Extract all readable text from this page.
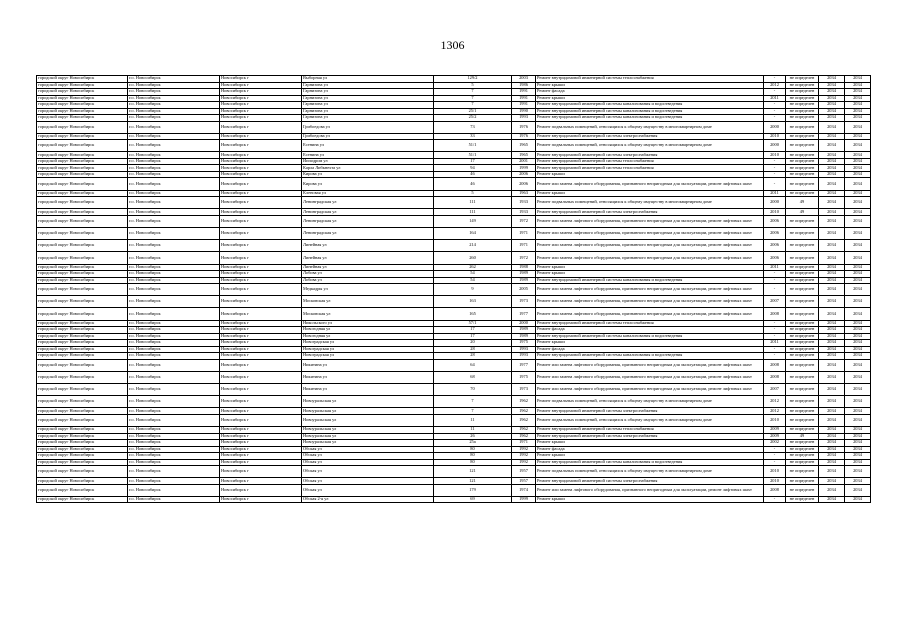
1306
городской округ Новосибирск	г.о. Новосибирск	Новосибирск г	Выборная ул	129/2	2003	Ремонт внутридомовой инженерной системы теплоснабжения	-	не определен	2034	2034
городской округ Новосибирск	г.о. Новосибирск	Новосибирск г	Гарнизона ул	5	1986	Ремонт крыши	2012	не определен	2034	2034
городской округ Новосибирск	г.о. Новосибирск	Новосибирск г	Гарнизона ул	7	1991	Ремонт фасада	-	не определен	2034	2034
городской округ Новосибирск	г.о. Новосибирск	Новосибирск г	Гарнизона ул	7	1991	Ремонт крыши	2011	не определен	2034	2034
городской округ Новосибирск	г.о. Новосибирск	Новосибирск г	Гарнизона ул	7	1991	Ремонт внутридомовой инженерной системы канализования и водоотведения	-	не определен	2034	2034
городской округ Новосибирск	г.о. Новосибирск	Новосибирск г	Гарнизона ул	25/1	1990	Ремонт внутридомовой инженерной системы канализования и водоотведения	-	не определен	2034	2034
городской округ Новосибирск	г.о. Новосибирск	Новосибирск г	Гарнизона ул	25/2	1993	Ремонт внутридомовой инженерной системы канализования и водоотведения	-	не определен	2034	2034
городской округ Новосибирск	г.о. Новосибирск	Новосибирск г	Грибоедова ул	73	1976	Ремонт подвальных помещений, относящихся к общему имуществу в многоквартирном доме	2000	не определен	2034	2034
городской округ Новосибирск	г.о. Новосибирск	Новосибирск г	Грибоедова ул	33	1976	Ремонт внутридомовой инженерной системы электроснабжения	2010	не определен	2034	2034
городской округ Новосибирск	г.о. Новосибирск	Новосибирск г	Есенина ул	51/1	1965	Ремонт подвальных помещений, относящихся к общему имуществу в многоквартирном доме	2000	не определен	2034	2034
городской округ Новосибирск	г.о. Новосибирск	Новосибирск г	Есенина ул	51/1	1965	Ремонт внутридомовой инженерной системы электроснабжения	2010	не определен	2034	2034
городской округ Новосибирск	г.о. Новосибирск	Новосибирск г	Ипподром ул	17	2001	Ремонт внутридомовой инженерной системы теплоснабжения	-	не определен	2034	2034
городской округ Новосибирск	г.о. Новосибирск	Новосибирск г	Карла Либкнехта ул	94	1999	Ремонт внутридомовой инженерной системы теплоснабжения	-	не определен	2034	2034
городской округ Новосибирск	г.о. Новосибирск	Новосибирск г	Кирова ул	46	2006	Ремонт крыши	-	не определен	2034	2034
городской округ Новосибирск	г.о. Новосибирск	Новосибирск г	Кирова ул	46	2006	Ремонт или замена лифтового оборудования, признанного непригодным для эксплуатации, ремонт лифтовых шахт	-	не определен	2034	2034
городской округ Новосибирск	г.о. Новосибирск	Новосибирск г	Кленовая ул	5	1963	Ремонт крыши	2011	не определен	2034	2034
городской округ Новосибирск	г.о. Новосибирск	Новосибирск г	Ленинградская ул	111	1933	Ремонт подвальных помещений, относящихся к общему имуществу в многоквартирном доме	2000	49	2034	2034
городской округ Новосибирск	г.о. Новосибирск	Новосибирск г	Ленинградская ул	111	1933	Ремонт внутридомовой инженерной системы электроснабжения	2010	49	2034	2034
городской округ Новосибирск	г.о. Новосибирск	Новосибирск г	Ленинградская ул	149	1972	Ремонт или замена лифтового оборудования, признанного непригодным для эксплуатации, ремонт лифтовых шахт	2006	не определен	2034	2034
городской округ Новосибирск	г.о. Новосибирск	Новосибирск г	Ленинградская ул	164	1971	Ремонт или замена лифтового оборудования, признанного непригодным для эксплуатации, ремонт лифтовых шахт	2006	не определен	2034	2034
городской округ Новосибирск	г.о. Новосибирск	Новосибирск г	Линейная ул	214	1971	Ремонт или замена лифтового оборудования, признанного непригодным для эксплуатации, ремонт лифтовых шахт	2006	не определен	2034	2034
городской округ Новосибирск	г.о. Новосибирск	Новосибирск г	Линейная ул	260	1972	Ремонт или замена лифтового оборудования, признанного непригодным для эксплуатации, ремонт лифтовых шахт	2006	не определен	2034	2034
городской округ Новосибирск	г.о. Новосибирск	Новосибирск г	Линейная ул	262	1988	Ремонт крыши	2011	не определен	2034	2034
городской округ Новосибирск	г.о. Новосибирск	Новосибирск г	Лобова ул	54	1989	Ремонт крыши	-	не определен	2034	2034
городской округ Новосибирск	г.о. Новосибирск	Новосибирск г	Лобова ул	54	1989	Ремонт внутридомовой инженерной системы канализования и водоотведения	-	не определен	2034	2034
городской округ Новосибирск	г.о. Новосибирск	Новосибирск г	Медкадры ул	9	2005	Ремонт или замена лифтового оборудования, признанного непригодным для эксплуатации, ремонт лифтовых шахт	-	не определен	2034	2034
городской округ Новосибирск	г.о. Новосибирск	Новосибирск г	Московская ул	163	1973	Ремонт или замена лифтового оборудования, признанного непригодным для эксплуатации, ремонт лифтовых шахт	2007	не определен	2034	2034
городской округ Новосибирск	г.о. Новосибирск	Новосибирск г	Московская ул	165	1977	Ремонт или замена лифтового оборудования, признанного непригодным для эксплуатации, ремонт лифтовых шахт	2008	не определен	2034	2034
городской округ Новосибирск	г.о. Новосибирск	Новосибирск г	Никольского ул	57/1	2000	Ремонт внутридомовой инженерной системы теплоснабжения	-	не определен	2034	2034
городской округ Новосибирск	г.о. Новосибирск	Новосибирск г	Новогодняя ул	17	1989	Ремонт фасада	-	не определен	2034	2034
городской округ Новосибирск	г.о. Новосибирск	Новосибирск г	Новогодняя ул	17	1989	Ремонт внутридомовой инженерной системы канализования и водоотведения	-	не определен	2034	2034
городской округ Новосибирск	г.о. Новосибирск	Новосибирск г	Новоградская ул	20	1975	Ремонт крыши	2011	не определен	2034	2034
городской округ Новосибирск	г.о. Новосибирск	Новосибирск г	Новоградская ул	28	1993	Ремонт фасада	-	не определен	2034	2034
городской округ Новосибирск	г.о. Новосибирск	Новосибирск г	Новоградская ул	28	1993	Ремонт внутридомовой инженерной системы канализования и водоотведения	-	не определен	2034	2034
городской округ Новосибирск	г.о. Новосибирск	Новосибирск г	Никитина ул	64	1977	Ремонт или замена лифтового оборудования, признанного непригодным для эксплуатации, ремонт лифтовых шахт	2008	не определен	2034	2034
городской округ Новосибирск	г.о. Новосибирск	Новосибирск г	Никитина ул	68	1975	Ремонт или замена лифтового оборудования, признанного непригодным для эксплуатации, ремонт лифтовых шахт	2008	не определен	2034	2034
городской округ Новосибирск	г.о. Новосибирск	Новосибирск г	Никитина ул	70	1973	Ремонт или замена лифтового оборудования, признанного непригодным для эксплуатации, ремонт лифтовых шахт	2007	не определен	2034	2034
городской округ Новосибирск	г.о. Новосибирск	Новосибирск г	Новоуральская ул	7	1962	Ремонт подвальных помещений, относящихся к общему имуществу в многоквартирном доме	2012	не определен	2034	2034
городской округ Новосибирск	г.о. Новосибирск	Новосибирск г	Новоуральская ул	7	1962	Ремонт внутридомовой инженерной системы электроснабжения	2012	не определен	2034	2034
городской округ Новосибирск	г.о. Новосибирск	Новосибирск г	Новоуральская ул	11	1962	Ремонт подвальных помещений, относящихся к общему имуществу в многоквартирном доме	2010	не определен	2034	2034
городской округ Новосибирск	г.о. Новосибирск	Новосибирск г	Новоуральская ул	11	1962	Ремонт внутридомовой инженерной системы теплоснабжения	2009	не определен	2034	2034
городской округ Новосибирск	г.о. Новосибирск	Новосибирск г	Новоуральская ул	26	1962	Ремонт внутридомовой инженерной системы электроснабжения	2009	49	2034	2034
городской округ Новосибирск	г.о. Новосибирск	Новосибирск г	Новоуральская ул	25а	1971	Ремонт крыши	2002	не определен	2034	2034
городской округ Новосибирск	г.о. Новосибирск	Новосибирск г	Обская ул	80	1992	Ремонт фасада	-	не определен	2034	2034
городской округ Новосибирск	г.о. Новосибирск	Новосибирск г	Обская ул	80	1992	Ремонт крыши	-	не определен	2034	2034
городской округ Новосибирск	г.о. Новосибирск	Новосибирск г	Обская ул	80	1992	Ремонт внутридомовой инженерной системы канализования и водоотведения	-	не определен	2034	2034
городской округ Новосибирск	г.о. Новосибирск	Новосибирск г	Обская ул	121	1957	Ремонт подвальных помещений, относящихся к общему имуществу в многоквартирном доме	2010	не определен	2034	2034
городской округ Новосибирск	г.о. Новосибирск	Новосибирск г	Обская ул	121	1957	Ремонт внутридомовой инженерной системы электроснабжения	2010	не определен	2034	2034
городской округ Новосибирск	г.о. Новосибирск	Новосибирск г	Обская ул	179	1974	Ремонт или замена лифтового оборудования, признанного непригодным для эксплуатации, ремонт лифтовых шахт	2008	не определен	2034	2034
городской округ Новосибирск	г.о. Новосибирск	Новосибирск г	Обская 2-я ул	69	1999	Ремонт крыши	-	не определен	2034	2034
